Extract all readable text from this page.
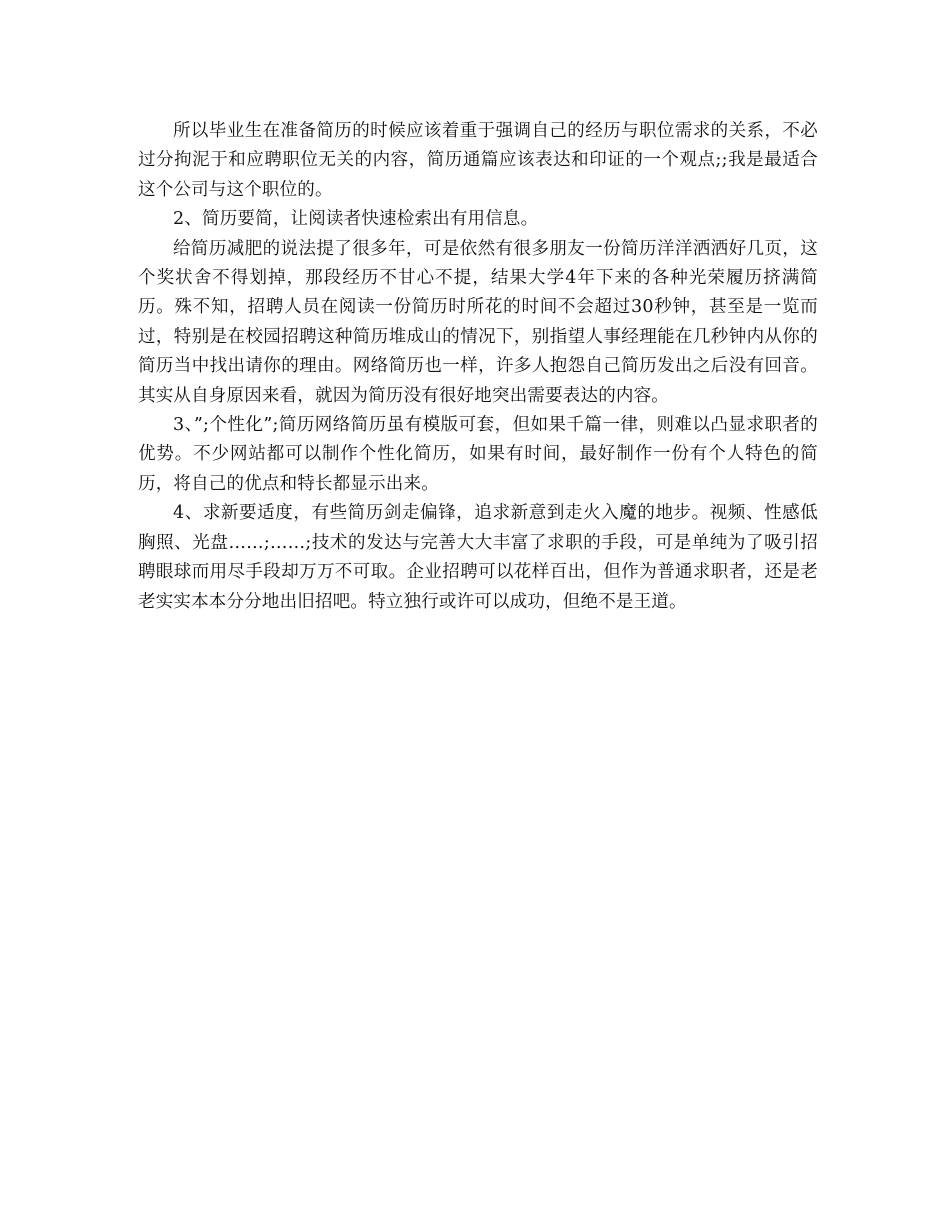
所以毕业生在准备简历的时候应该着重于强调自己的经历与职位需求的关系，不必过分拘泥于和应聘职位无关的内容，简历通篇应该表达和印证的一个观点;;我是最适合这个公司与这个职位的。

2、简历要简，让阅读者快速检索出有用信息。

给简历减肥的说法提了很多年，可是依然有很多朋友一份简历洋洋洒洒好几页，这个奖状舍不得划掉，那段经历不甘心不提，结果大学4年下来的各种光荣履历挤满简历。殊不知，招聘人员在阅读一份简历时所花的时间不会超过30秒钟，甚至是一览而过，特别是在校园招聘这种简历堆成山的情况下，别指望人事经理能在几秒钟内从你的简历当中找出请你的理由。网络简历也一样，许多人抱怨自己简历发出之后没有回音。其实从自身原因来看，就因为简历没有很好地突出需要表达的内容。

3、”;个性化”;简历网络简历虽有模版可套，但如果千篇一律，则难以凸显求职者的优势。不少网站都可以制作个性化简历，如果有时间，最好制作一份有个人特色的简历，将自己的优点和特长都显示出来。

4、求新要适度，有些简历剑走偏锋，追求新意到走火入魔的地步。视频、性感低胸照、光盘……;……;技术的发达与完善大大丰富了求职的手段，可是单纯为了吸引招聘眼球而用尽手段却万万不可取。企业招聘可以花样百出，但作为普通求职者，还是老老实实本本分分地出旧招吧。特立独行或许可以成功，但绝不是王道。
